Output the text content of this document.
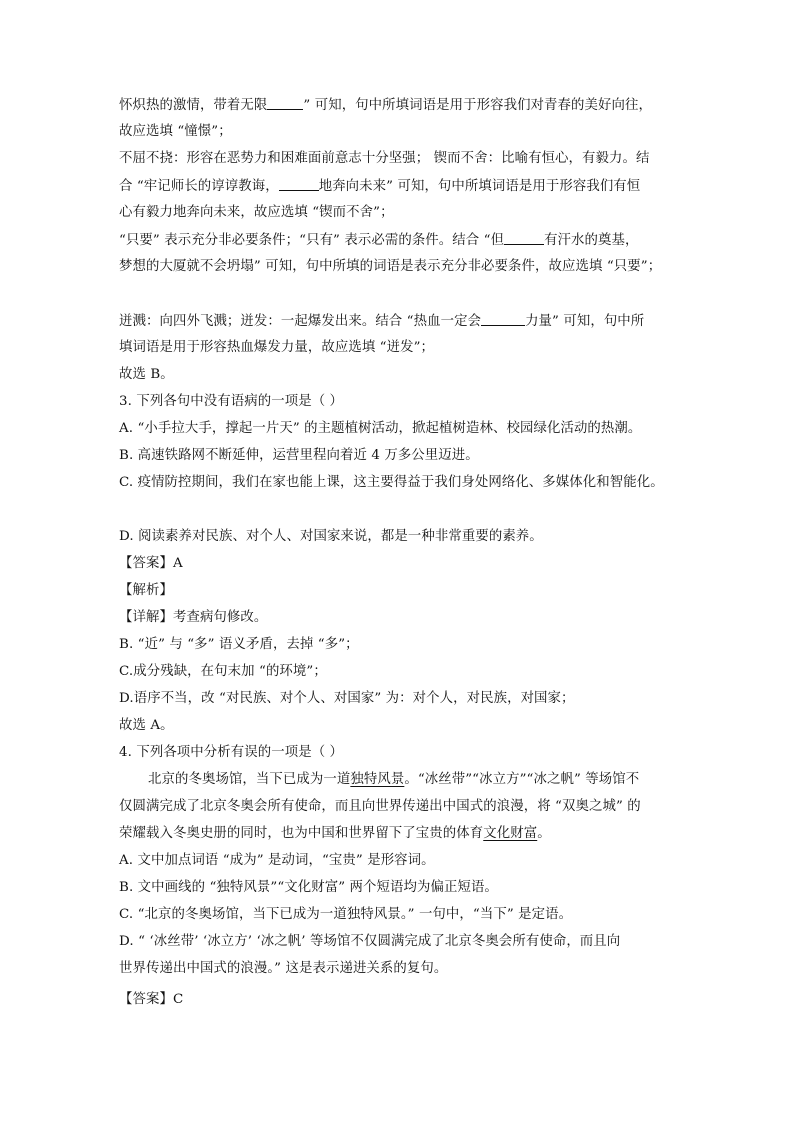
怀炽热的激情，带着无限	” 可知，句中所填词语是用于形容我们对青春的美好向往，
故应选填 “憧憬”；
不屈不挠：形容在恶势力和困难面前意志十分坚强； 锲而不舍：比喻有恒心，有毅力。结
合 “牢记师长的谆谆教诲，	地奔向未来” 可知，句中所填词语是用于形容我们有恒
心有毅力地奔向未来，故应选填 “锲而不舍”；
“只要” 表示充分非必要条件；“只有” 表示必需的条件。结合 “但	有汗水的奠基，
梦想的大厦就不会坍塌” 可知，句中所填的词语是表示充分非必要条件，故应选填 “只要”；
迸溅：向四外飞溅；迸发：一起爆发出来。结合 “热血一定会	力量” 可知，句中所
填词语是用于形容热血爆发力量，故应选填 “迸发”；
故选 B。
3. 下列各句中没有语病的一项是（ ）
A. “小手拉大手，撑起一片天” 的主题植树活动，掀起植树造林、校园绿化活动的热潮。
B. 高速铁路网不断延伸，运营里程向着近 4 万多公里迈进。
C. 疫情防控期间，我们在家也能上课，这主要得益于我们身处网络化、多媒体化和智能化。
D. 阅读素养对民族、对个人、对国家来说，都是一种非常重要的素养。
【答案】A
【解析】
【详解】考查病句修改。
B. “近” 与 “多” 语义矛盾，去掉 “多”；
C.成分残缺，在句末加 “的环境”；
D.语序不当，改 “对民族、对个人、对国家” 为：对个人，对民族，对国家；
故选 A。
4. 下列各项中分析有误的一项是（ ）
北京的冬奥场馆，当下已成为一道独特风景。“冰丝带”“冰立方”“冰之帆” 等场馆不
仅圆满完成了北京冬奥会所有使命，而且向世界传递出中国式的浪漫，将 “双奥之城” 的
荣耀载入冬奥史册的同时，也为中国和世界留下了宝贵的体育文化财富。
A. 文中加点词语 “成为” 是动词，“宝贵” 是形容词。
B. 文中画线的 “独特风景”“文化财富” 两个短语均为偏正短语。
C. “北京的冬奥场馆，当下已成为一道独特风景。” 一句中，“当下” 是定语。
D. “ ‘冰丝带’ ‘冰立方’ ‘冰之帆’ 等场馆不仅圆满完成了北京冬奥会所有使命，而且向
世界传递出中国式的浪漫。” 这是表示递进关系的复句。
【答案】C
